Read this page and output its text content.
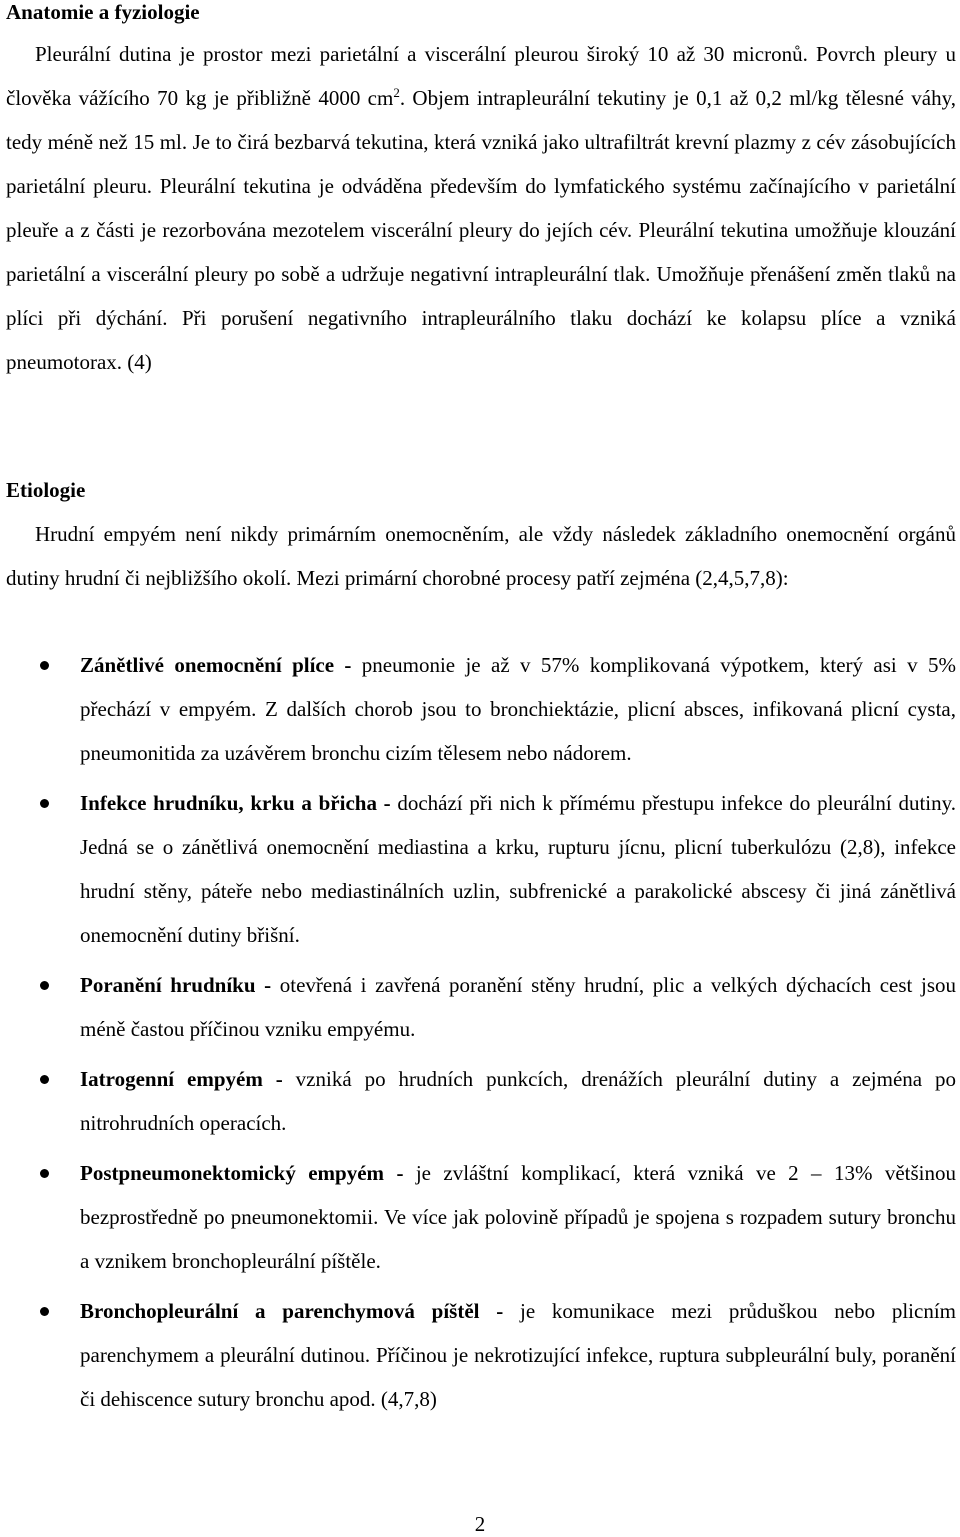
Anatomie a fyziologie

Pleurální dutina je prostor mezi parietální a viscerální pleurou široký 10 až 30 micronů. Povrch pleury u člověka vážícího 70 kg je přibližně 4000 $cm^2$. Objem intrapleurální tekutiny je 0,1 až 0,2 ml/kg tělesné váhy, tedy méně než 15 ml. Je to čirá bezbarvá tekutina, která vzniká jako ultrafiltrát krevní plazmy z cév zásobujících parietální pleuru. Pleurální tekutina je odváděna především do lymfatického systému začínajícího v parietální pleuře a z části je rezorbována mezotelem viscerální pleury do jejích cév. Pleurální tekutina umožňuje klouzání parietální a viscerální pleury po sobě a udržuje negativní intrapleurální tlak. Umožňuje přenášení změn tlaků na plíci při dýchání. Při porušení negativního intrapleurálního tlaku dochází ke kolapsu plíce a vzniká pneumotorax. (4)

Etiologie

Hrudní empyém není nikdy primárním onemocněním, ale vždy následek základního onemocnění orgánů dutiny hrudní či nejbližšího okolí. Mezi primární chorobné procesy patří zejména (2,4,5,7,8):

Zánětlivé onemocnění plíce - pneumonie je až v 57% komplikovaná výpotkem, který asi v 5% přechází v empyém. Z dalších chorob jsou to bronchiektázie, plicní absces, infikovaná plicní cysta, pneumonitida za uzávěrem bronchu cizím tělesem nebo nádorem.
Infekce hrudníku, krku a břicha - dochází při nich k přímému přestupu infekce do pleurální dutiny. Jedná se o zánětlivá onemocnění mediastina a krku, rupturu jícnu, plicní tuberkulózu (2,8), infekce hrudní stěny, páteře nebo mediastinálních uzlin, subfrenické a parakolické abscesy či jiná zánětlivá onemocnění dutiny břišní.
Poranění hrudníku - otevřená i zavřená poranění stěny hrudní, plic a velkých dýchacích cest jsou méně častou příčinou vzniku empyému.
Iatrogenní empyém - vzniká po hrudních punkcích, drenážích pleurální dutiny a zejména po nitrohrudních operacích.
Postpneumonektomický empyém - je zvláštní komplikací, která vzniká ve 2 – 13% většinou bezprostředně po pneumonektomii. Ve více jak polovině případů je spojena s rozpadem sutury bronchu a vznikem bronchopleurální píštěle.
Bronchopleurální a parenchymová píštěl - je komunikace mezi průduškou nebo plicním parenchymem a pleurální dutinou. Příčinou je nekrotizující infekce, ruptura subpleurální buly, poranění či dehiscence sutury bronchu apod. (4,7,8)
2
